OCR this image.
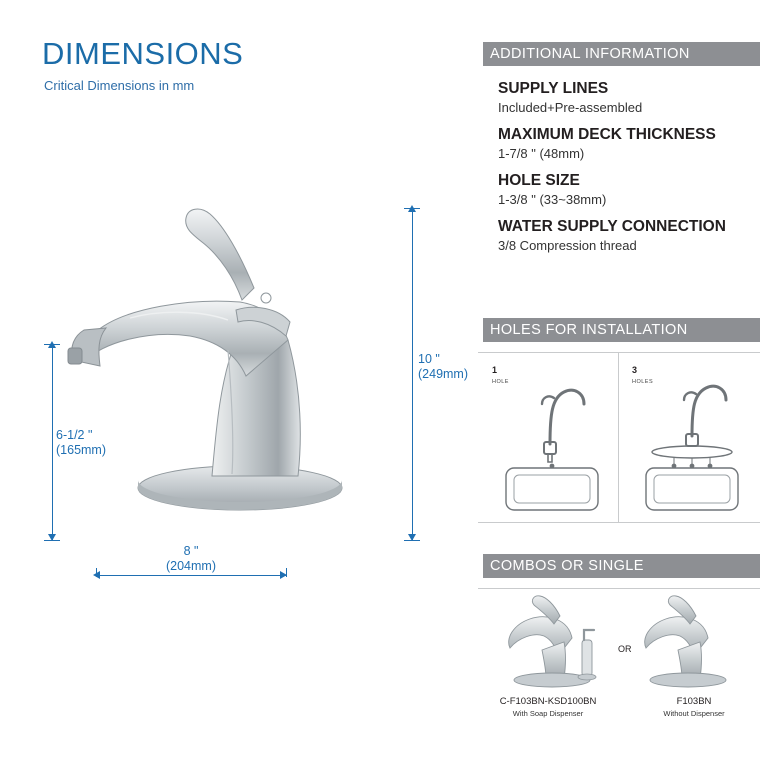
DIMENSIONS
Critical Dimensions in mm
10 "
(249mm)
6-1/2 "
(165mm)
8 "
(204mm)
ADDITIONAL INFORMATION

SUPPLY LINES

Included+Pre-assembled

MAXIMUM DECK THICKNESS

1-7/8 " (48mm)

HOLE SIZE

1-3/8 " (33~38mm)

WATER SUPPLY CONNECTION

3/8 Compression thread

HOLES FOR INSTALLATION
1
HOLE
3
HOLES
COMBOS OR SINGLE
OR
C-F103BN-KSD100BN
With Soap Dispenser
F103BN
Without Dispenser
